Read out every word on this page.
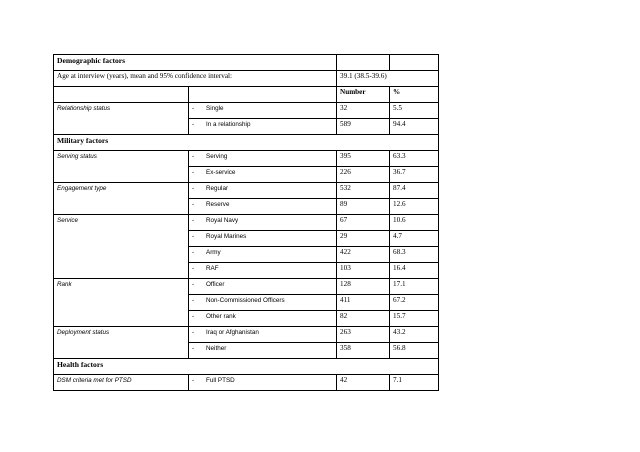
Demographic factors			
Age at interview (years), mean and 95% confidence interval:		39.1 (38.5-39.6)	
		Number	%
Relationship status	- Single	32	5.5
	- In a relationship	589	94.4
Military factors			
Serving status	- Serving	395	63.3
	- Ex-service	226	36.7
Engagement type	- Regular	532	87.4
	- Reserve	89	12.6
Service	- Royal Navy	67	10.6
	- Royal Marines	29	4.7
	- Army	422	68.3
	- RAF	103	16.4
Rank	- Officer	128	17.1
	- Non-Commissioned Officers	411	67.2
	- Other rank	82	15.7
Deployment status	- Iraq or Afghanistan	263	43.2
	- Neither	358	56.8
Health factors			
DSM criteria met for PTSD	- Full PTSD	42	7.1
